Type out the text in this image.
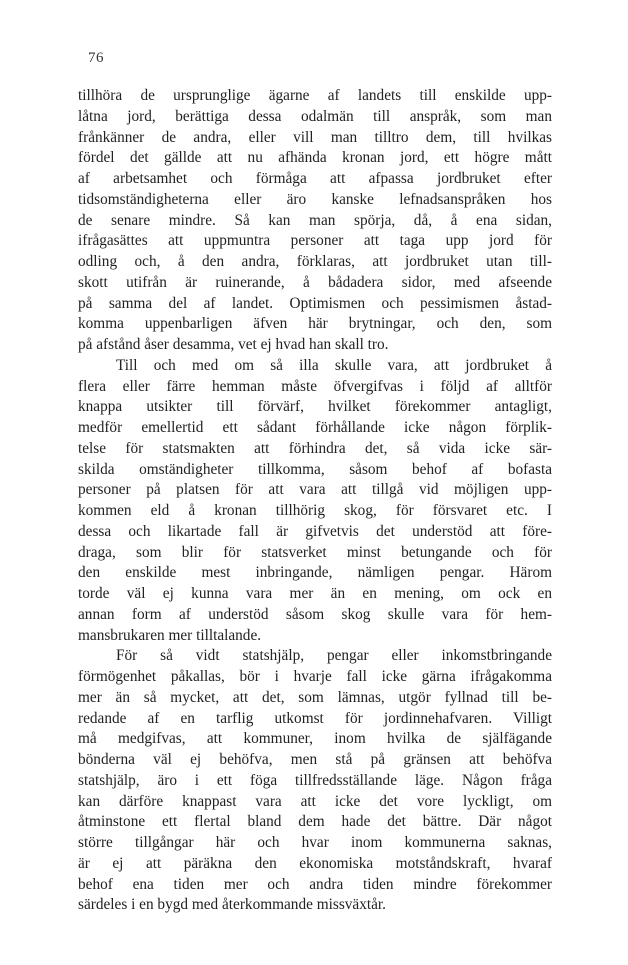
76
tillhöra de ursprunglige ägarne af landets till enskilde upp-
låtna jord, berättiga dessa odalmän till anspråk, som man
frånkänner de andra, eller vill man tilltro dem, till hvilkas
fördel det gällde att nu afhända kronan jord, ett högre mått
af arbetsamhet och förmåga att afpassa jordbruket efter
tidsomständigheterna eller äro kanske lefnadsanspråken hos
de senare mindre. Så kan man spörja, då, å ena sidan,
ifrågasättes att uppmuntra personer att taga upp jord för
odling och, å den andra, förklaras, att jordbruket utan till-
skott utifrån är ruinerande, å bådadera sidor, med afseende
på samma del af landet. Optimismen och pessimismen åstad-
komma uppenbarligen äfven här brytningar, och den, som
på afstånd åser desamma, vet ej hvad han skall tro.
Till och med om så illa skulle vara, att jordbruket å
flera eller färre hemman måste öfvergifvas i följd af alltför
knappa utsikter till förvärf, hvilket förekommer antagligt,
medför emellertid ett sådant förhållande icke någon förplik-
telse för statsmakten att förhindra det, så vida icke sär-
skilda omständigheter tillkomma, såsom behof af bofasta
personer på platsen för att vara att tillgå vid möjligen upp-
kommen eld å kronan tillhörig skog, för försvaret etc. I
dessa och likartade fall är gifvetvis det understöd att före-
draga, som blir för statsverket minst betungande och för
den enskilde mest inbringande, nämligen pengar. Härom
torde väl ej kunna vara mer än en mening, om ock en
annan form af understöd såsom skog skulle vara för hem-
mansbrukaren mer tilltalande.
För så vidt statshjälp, pengar eller inkomstbringande
förmögenhet påkallas, bör i hvarje fall icke gärna ifrågakomma
mer än så mycket, att det, som lämnas, utgör fyllnad till be-
redande af en tarflig utkomst för jordinnehafvaren. Villigt
må medgifvas, att kommuner, inom hvilka de själfägande
bönderna väl ej behöfva, men stå på gränsen att behöfva
statshjälp, äro i ett föga tillfredsställande läge. Någon fråga
kan därföre knappast vara att icke det vore lyckligt, om
åtminstone ett flertal bland dem hade det bättre. Där något
större tillgångar här och hvar inom kommunerna saknas,
är ej att päräkna den ekonomiska motståndskraft, hvaraf
behof ena tiden mer och andra tiden mindre förekommer
särdeles i en bygd med återkommande missväxtår.
